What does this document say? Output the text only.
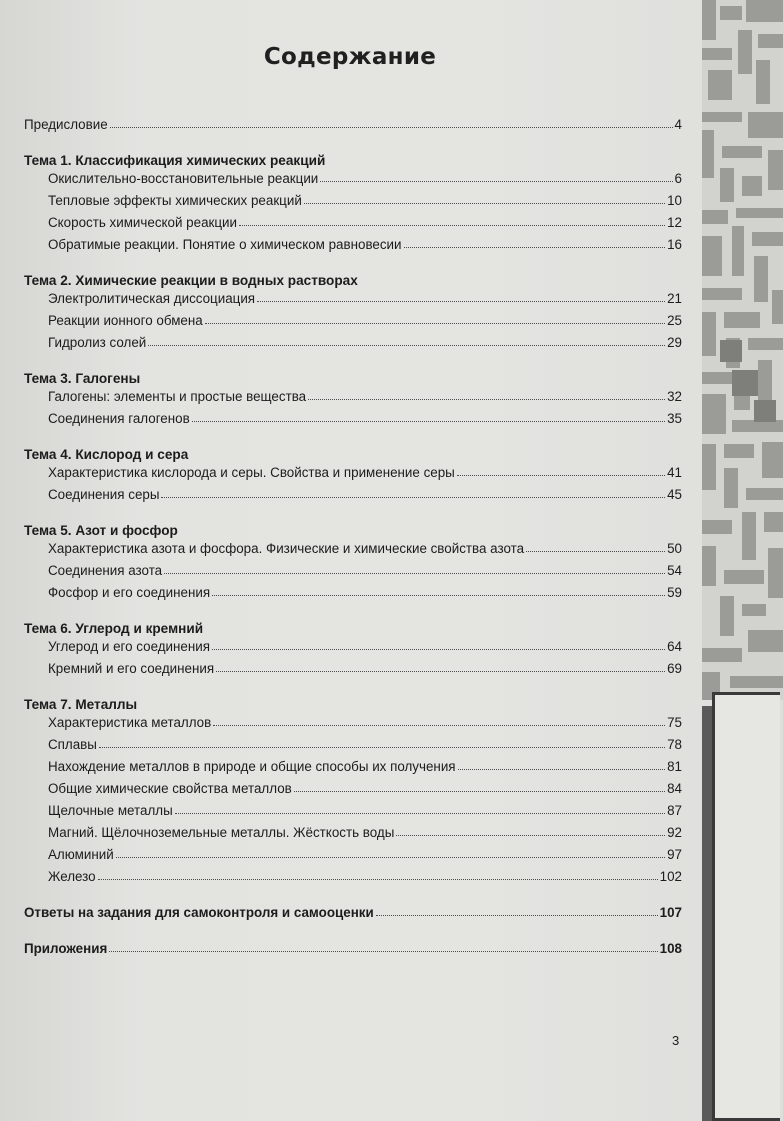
Содержание
Предисловие	4
Тема 1. Классификация химических реакций
Окислительно-восстановительные реакции	6
Тепловые эффекты химических реакций	10
Скорость химической реакции	12
Обратимые реакции. Понятие о химическом равновесии	16
Тема 2. Химические реакции в водных растворах
Электролитическая диссоциация	21
Реакции ионного обмена	25
Гидролиз солей	29
Тема 3. Галогены
Галогены: элементы и простые вещества	32
Соединения галогенов	35
Тема 4. Кислород и сера
Характеристика кислорода и серы. Свойства и применение серы	41
Соединения серы	45
Тема 5. Азот и фосфор
Характеристика азота и фосфора. Физические и химические свойства азота	50
Соединения азота	54
Фосфор и его соединения	59
Тема 6. Углерод и кремний
Углерод и его соединения	64
Кремний и его соединения	69
Тема 7. Металлы
Характеристика металлов	75
Сплавы	78
Нахождение металлов в природе и общие способы их получения	81
Общие химические свойства металлов	84
Щелочные металлы	87
Магний. Щёлочноземельные металлы. Жёсткость воды	92
Алюминий	97
Железо	102
Ответы на задания для самоконтроля и самооценки	107
Приложения	108
3
